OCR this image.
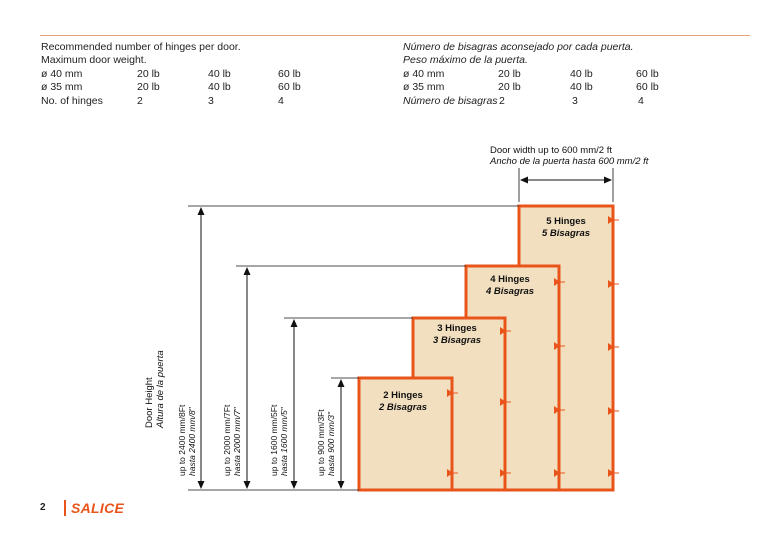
Recommended number of hinges per door.
Maximum door weight.
ø 40 mm	20 lb	40 lb	60 lb
ø 35 mm	20 lb	40 lb	60 lb
No. of hinges	2	3	4
Número de bisagras aconsejado por cada puerta.
Peso máximo de la puerta.
ø 40 mm	20 lb	40 lb	60 lb
ø 35 mm	20 lb	40 lb	60 lb
Número de bisagras 2	3	4
Door width up to 600 mm/2 ft
Ancho de la puerta hasta 600 mm/2 ft
Door Height Altura de la puerta	2 Hinges
2 Bisagras
3 Hinges
3 Bisagras
4 Hinges
4 Bisagras
5 Hinges
5 Bisagras
up to 2400 mm/8Ft hasta 2400 mm/8"	up to 2000 mm/7Ft hasta 2000 mm/7"	up to 1600 mm/5Ft hasta 1600 mm/5"	up to 900 mm/3Ft hasta 900 mm/3"
2 SALICE
